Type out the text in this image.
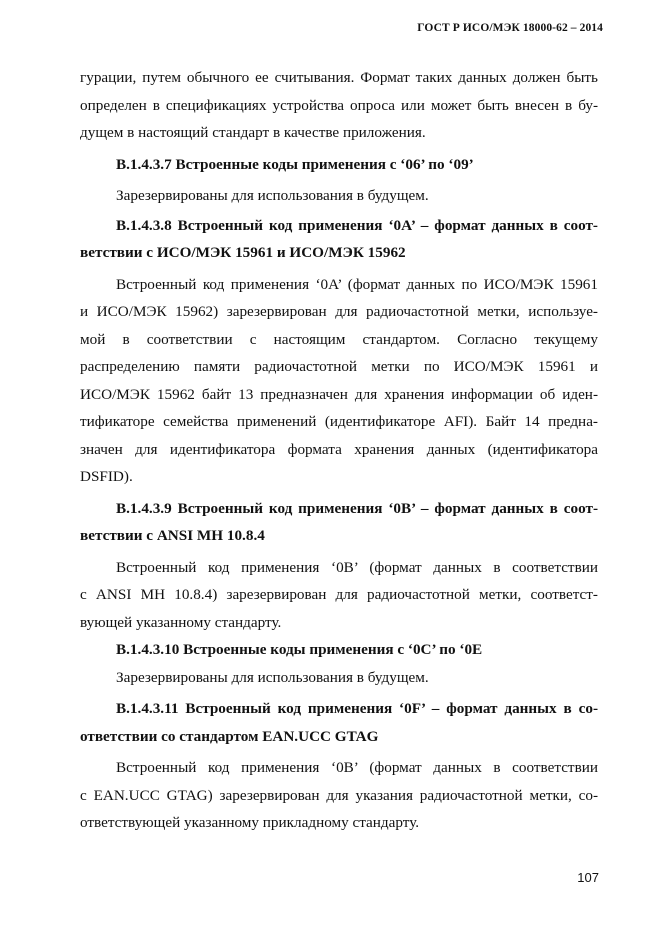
ГОСТ Р ИСО/МЭК 18000-62 – 2014
гурации, путем обычного ее считывания. Формат таких данных должен быть
определен в спецификациях устройства опроса или может быть внесен в бу-
дущем в настоящий стандарт в качестве приложения.
B.1.4.3.7 Встроенные коды применения с ‘06’ по ‘09’
Зарезервированы для использования в будущем.
B.1.4.3.8 Встроенный код применения ‘0A’ – формат данных в соот-
ветствии с ИСО/МЭК 15961 и ИСО/МЭК 15962
Встроенный код применения ‘0A’ (формат данных по ИСО/МЭК 15961
и ИСО/МЭК 15962) зарезервирован для радиочастотной метки, используе-
мой в соответствии с настоящим стандартом. Согласно текущему
распределению памяти радиочастотной метки по ИСО/МЭК 15961 и
ИСО/МЭК 15962 байт 13 предназначен для хранения информации об иден-
тификаторе семейства применений (идентификаторе AFI). Байт 14 предна-
значен для идентификатора формата хранения данных (идентификатора
DSFID).
B.1.4.3.9 Встроенный код применения ‘0B’ – формат данных в соот-
ветствии с ANSI MH 10.8.4
Встроенный код применения ‘0B’ (формат данных в соответствии
с ANSI MH 10.8.4) зарезервирован для радиочастотной метки, соответст-
вующей указанному стандарту.
B.1.4.3.10 Встроенные коды применения с ‘0C’ по ‘0E
Зарезервированы для использования в будущем.
B.1.4.3.11 Встроенный код применения ‘0F’ – формат данных в со-
ответствии со стандартом EAN.UCC GTAG
Встроенный код применения ‘0B’ (формат данных в соответствии
с EAN.UCC GTAG) зарезервирован для указания радиочастотной метки, со-
ответствующей указанному прикладному стандарту.
107
